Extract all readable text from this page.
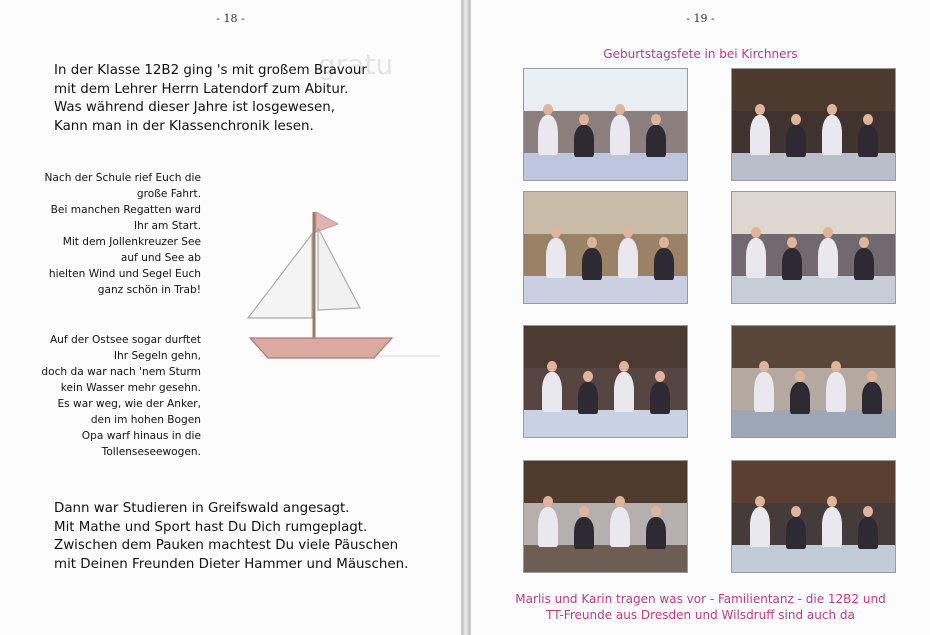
- 18 -
gratu

In der Klasse 12B2 ging 's mit großem Bravour
mit dem Lehrer Herrn Latendorf zum Abitur.
Was während dieser Jahre ist losgewesen,
Kann man in der Klassenchronik lesen.

Nach der Schule rief Euch die
große Fahrt.
Bei manchen Regatten ward
Ihr am Start.
Mit dem Jollenkreuzer See
auf und See ab
hielten Wind und Segel Euch
ganz schön in Trab!

Auf der Ostsee sogar durftet
Ihr Segeln gehn,
doch da war nach 'nem Sturm
kein Wasser mehr gesehn.
Es war weg, wie der Anker,
den im hohen Bogen
Opa warf hinaus in die
Tollenseseewogen.

Dann war Studieren in Greifswald angesagt.
Mit Mathe und Sport hast Du Dich rumgeplagt.
Zwischen dem Pauken machtest Du viele Päuschen
mit Deinen Freunden Dieter Hammer und Mäuschen.

- 19 -
Geburtstagsfete in bei Kirchners
Marlis und Karin tragen was vor - Familientanz - die 12B2 und
TT-Freunde aus Dresden und Wilsdruff sind auch da
